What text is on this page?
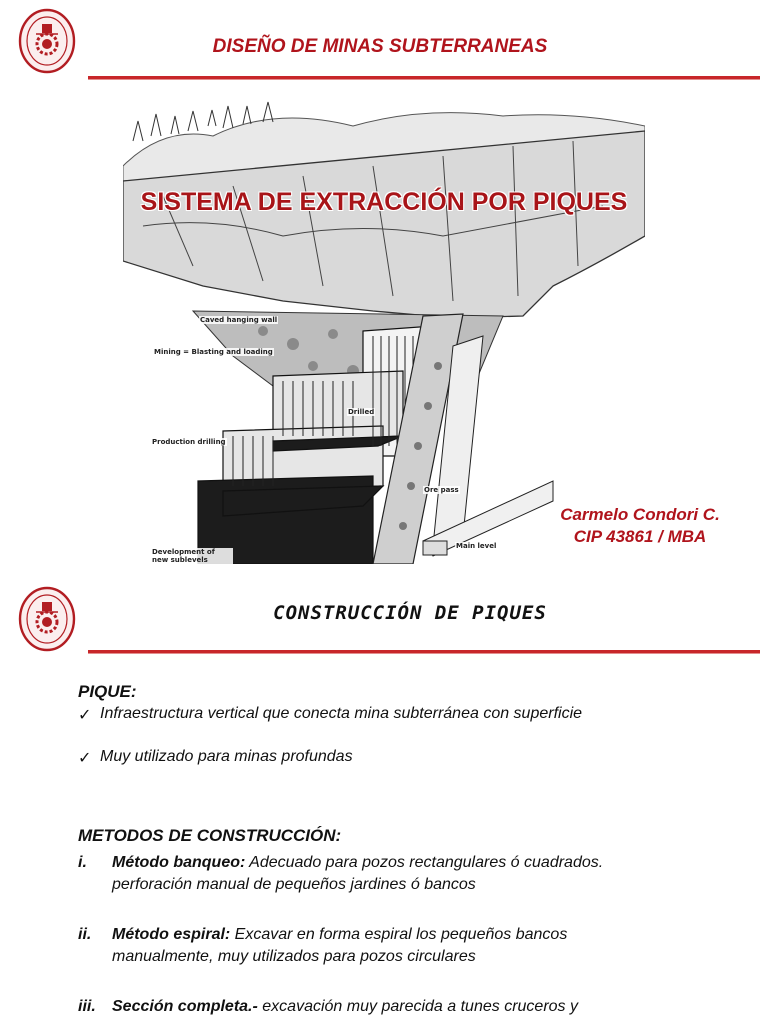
DISEÑO DE MINAS SUBTERRANEAS
Caved hanging wall
Mining = Blasting and loading
Drilled
Production drilling
Ore pass
Main level
Development of new sublevels
SISTEMA DE EXTRACCIÓN POR PIQUES
Carmelo Condori C.
CIP 43861 / MBA
CONSTRUCCIÓN DE PIQUES

PIQUE:

✓ Infraestructura vertical que conecta mina subterránea con superficie
✓ Muy utilizado para minas profundas

METODOS DE CONSTRUCCIÓN:

i.	Método banqueo: Adecuado para pozos rectangulares ó cuadrados.
perforación manual de pequeños jardines ó bancos
ii.	Método espiral: Excavar en forma espiral los pequeños bancos
manualmente, muy utilizados para pozos circulares
iii.	Sección completa.- excavación muy parecida a tunes cruceros y
